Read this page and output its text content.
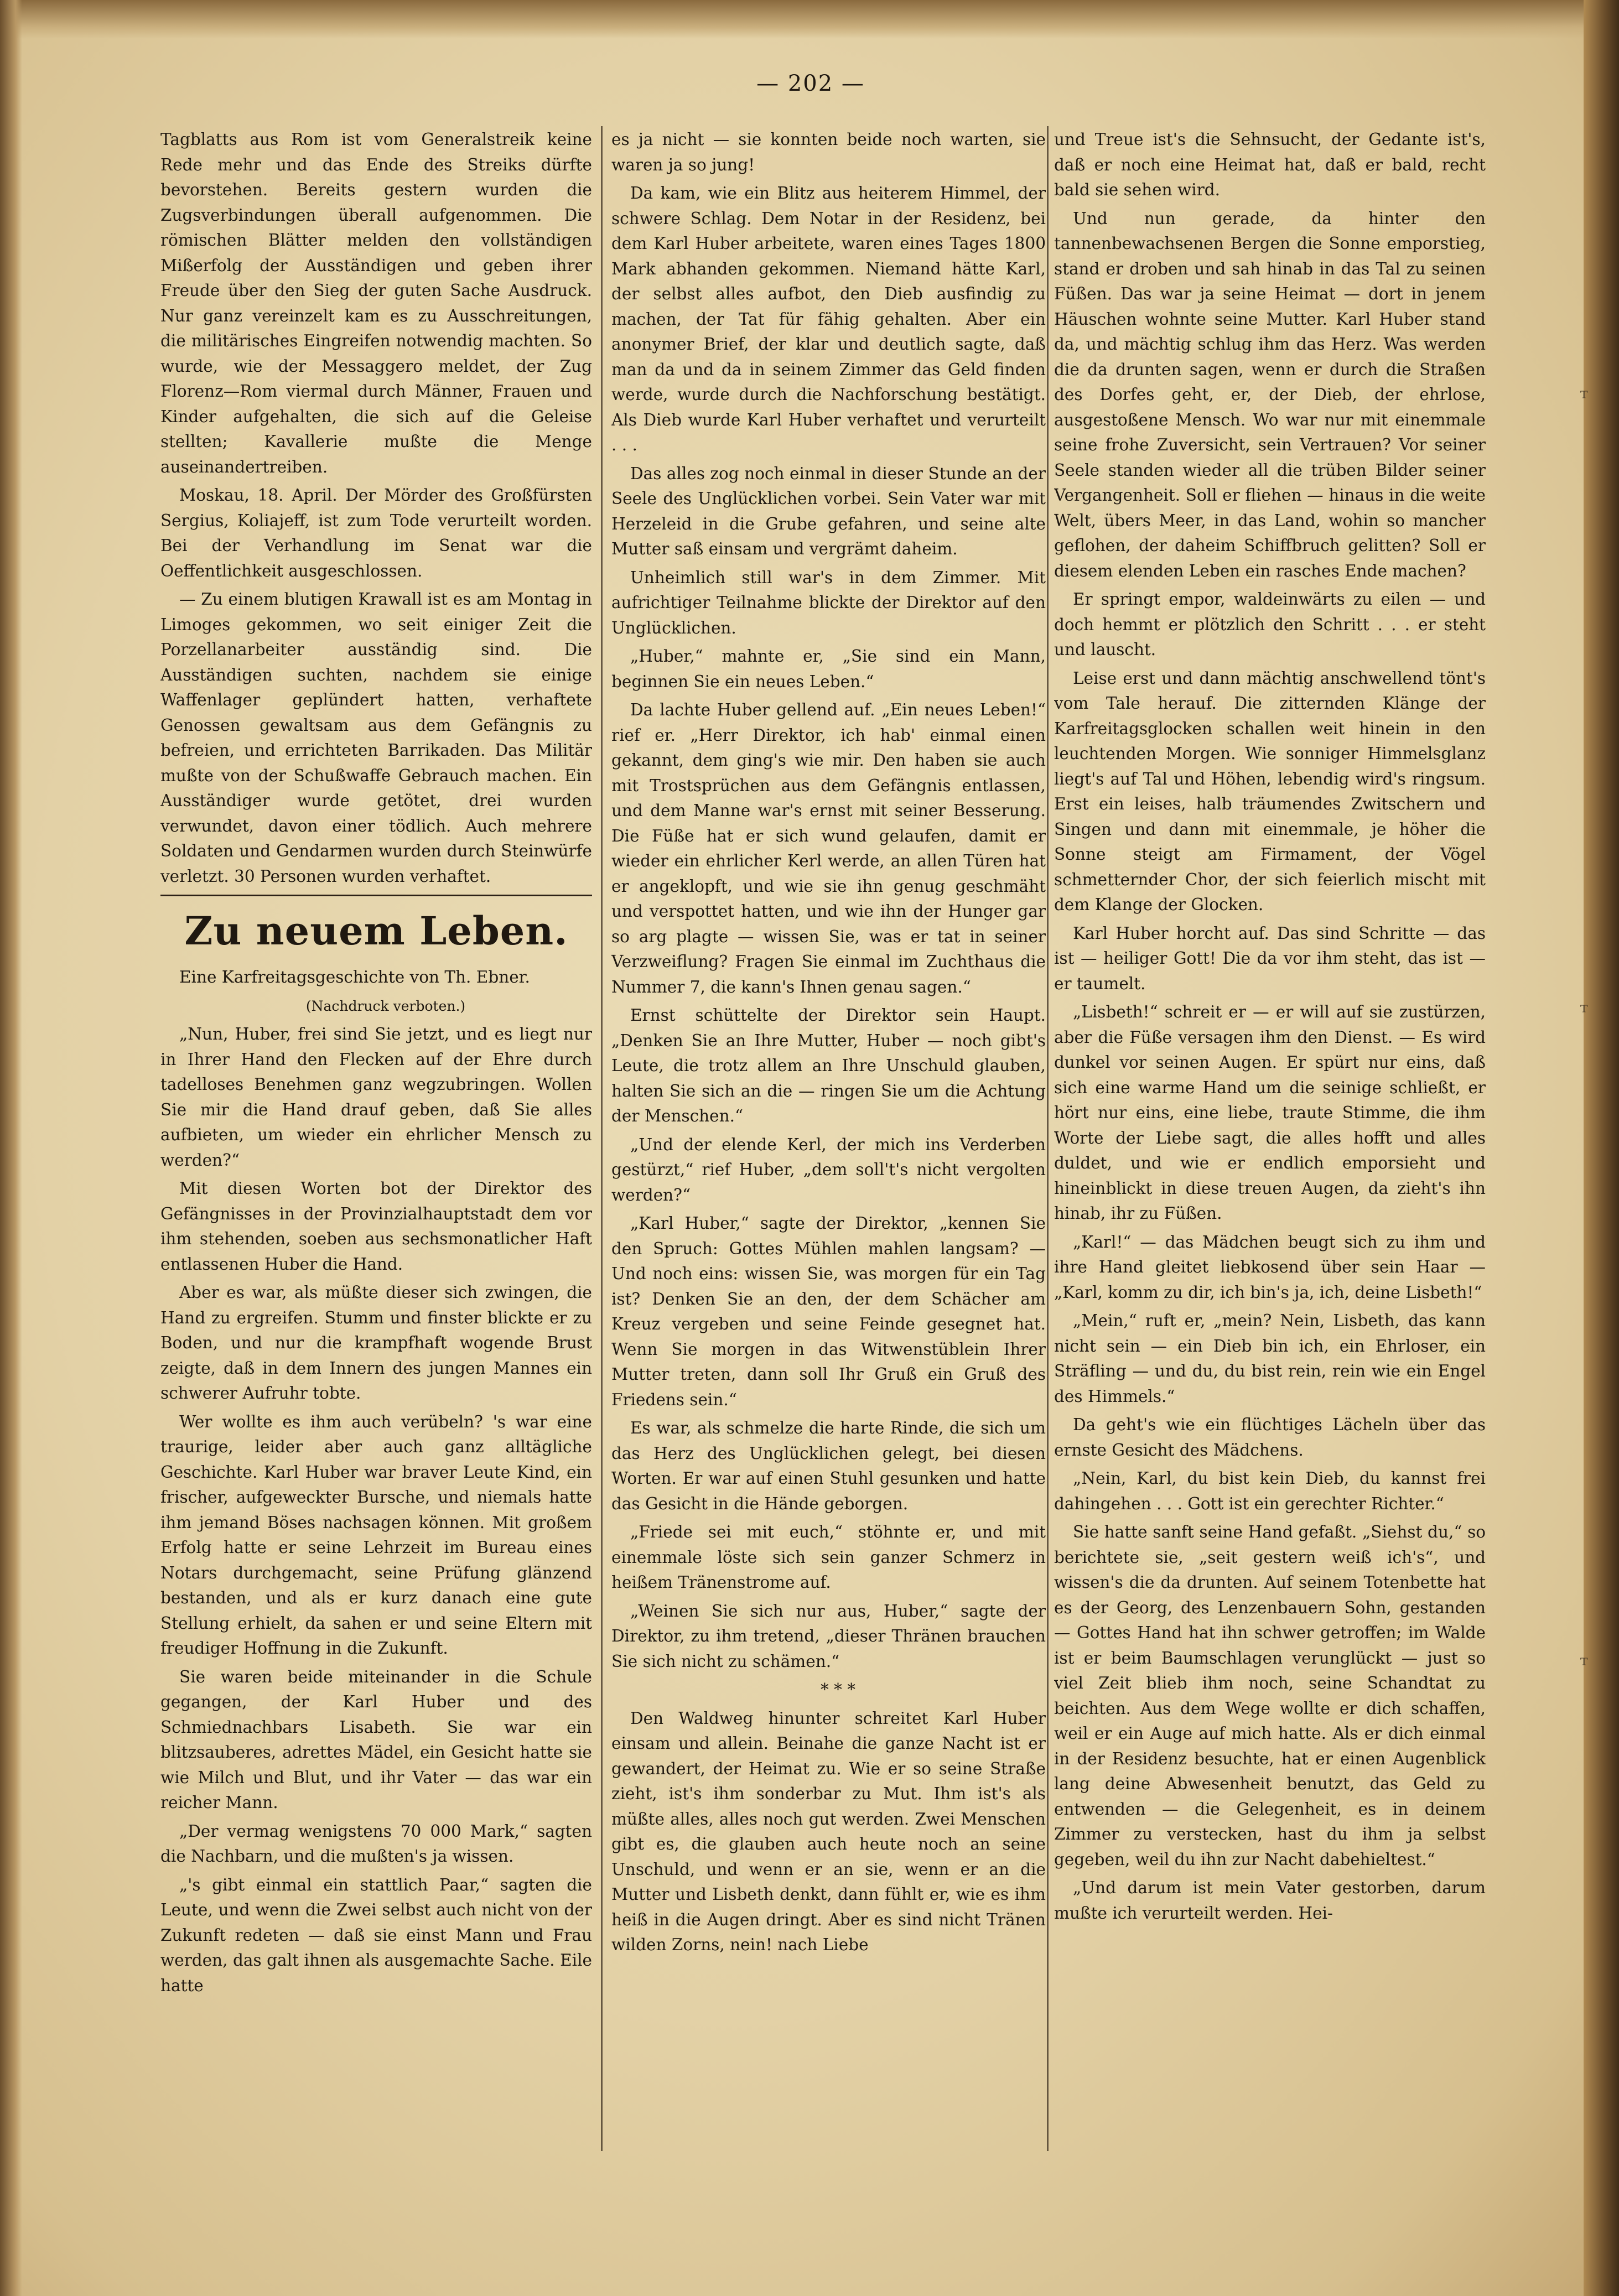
— 202 —

Tagblatts aus Rom ist vom Generalstreik keine Rede mehr und das Ende des Streiks dürfte bevorstehen. Bereits gestern wurden die Zugsverbindungen überall aufgenommen. Die römischen Blätter melden den vollständigen Mißerfolg der Ausständigen und geben ihrer Freude über den Sieg der guten Sache Ausdruck. Nur ganz vereinzelt kam es zu Ausschreitungen, die militärisches Eingreifen notwendig machten. So wurde, wie der Messaggero meldet, der Zug Florenz—Rom viermal durch Männer, Frauen und Kinder aufgehalten, die sich auf die Geleise stellten; Kavallerie mußte die Menge auseinandertreiben.

Moskau, 18. April. Der Mörder des Großfürsten Sergius, Koliajeff, ist zum Tode verurteilt worden. Bei der Verhandlung im Senat war die Oeffentlichkeit ausgeschlossen.

— Zu einem blutigen Krawall ist es am Montag in Limoges gekommen, wo seit einiger Zeit die Porzellanarbeiter ausständig sind. Die Ausständigen suchten, nachdem sie einige Waffenlager geplündert hatten, verhaftete Genossen gewaltsam aus dem Gefängnis zu befreien, und errichteten Barrikaden. Das Militär mußte von der Schußwaffe Gebrauch machen. Ein Ausständiger wurde getötet, drei wurden verwundet, davon einer tödlich. Auch mehrere Soldaten und Gendarmen wurden durch Steinwürfe verletzt. 30 Personen wurden verhaftet.

Zu neuem Leben.

Eine Karfreitagsgeschichte von Th. Ebner.

(Nachdruck verboten.)

„Nun, Huber, frei sind Sie jetzt, und es liegt nur in Ihrer Hand den Flecken auf der Ehre durch tadelloses Benehmen ganz wegzubringen. Wollen Sie mir die Hand drauf geben, daß Sie alles aufbieten, um wieder ein ehrlicher Mensch zu werden?“

Mit diesen Worten bot der Direktor des Gefängnisses in der Provinzialhauptstadt dem vor ihm stehenden, soeben aus sechsmonatlicher Haft entlassenen Huber die Hand.

Aber es war, als müßte dieser sich zwingen, die Hand zu ergreifen. Stumm und finster blickte er zu Boden, und nur die krampfhaft wogende Brust zeigte, daß in dem Innern des jungen Mannes ein schwerer Aufruhr tobte.

Wer wollte es ihm auch verübeln? 's war eine traurige, leider aber auch ganz alltägliche Geschichte. Karl Huber war braver Leute Kind, ein frischer, aufgeweckter Bursche, und niemals hatte ihm jemand Böses nachsagen können. Mit großem Erfolg hatte er seine Lehrzeit im Bureau eines Notars durchgemacht, seine Prüfung glänzend bestanden, und als er kurz danach eine gute Stellung erhielt, da sahen er und seine Eltern mit freudiger Hoffnung in die Zukunft.

Sie waren beide miteinander in die Schule gegangen, der Karl Huber und des Schmiednachbars Lisabeth. Sie war ein blitzsauberes, adrettes Mädel, ein Gesicht hatte sie wie Milch und Blut, und ihr Vater — das war ein reicher Mann.

„Der vermag wenigstens 70 000 Mark,“ sagten die Nachbarn, und die mußten's ja wissen.

„'s gibt einmal ein stattlich Paar,“ sagten die Leute, und wenn die Zwei selbst auch nicht von der Zukunft redeten — daß sie einst Mann und Frau werden, das galt ihnen als ausgemachte Sache. Eile hatte

es ja nicht — sie konnten beide noch warten, sie waren ja so jung!

Da kam, wie ein Blitz aus heiterem Himmel, der schwere Schlag. Dem Notar in der Residenz, bei dem Karl Huber arbeitete, waren eines Tages 1800 Mark abhanden gekommen. Niemand hätte Karl, der selbst alles aufbot, den Dieb ausfindig zu machen, der Tat für fähig gehalten. Aber ein anonymer Brief, der klar und deutlich sagte, daß man da und da in seinem Zimmer das Geld finden werde, wurde durch die Nachforschung bestätigt. Als Dieb wurde Karl Huber verhaftet und verurteilt . . .

Das alles zog noch einmal in dieser Stunde an der Seele des Unglücklichen vorbei. Sein Vater war mit Herzeleid in die Grube gefahren, und seine alte Mutter saß einsam und vergrämt daheim.

Unheimlich still war's in dem Zimmer. Mit aufrichtiger Teilnahme blickte der Direktor auf den Unglücklichen.

„Huber,“ mahnte er, „Sie sind ein Mann, beginnen Sie ein neues Leben.“

Da lachte Huber gellend auf. „Ein neues Leben!“ rief er. „Herr Direktor, ich hab' einmal einen gekannt, dem ging's wie mir. Den haben sie auch mit Trostsprüchen aus dem Gefängnis entlassen, und dem Manne war's ernst mit seiner Besserung. Die Füße hat er sich wund gelaufen, damit er wieder ein ehrlicher Kerl werde, an allen Türen hat er angeklopft, und wie sie ihn genug geschmäht und verspottet hatten, und wie ihn der Hunger gar so arg plagte — wissen Sie, was er tat in seiner Verzweiflung? Fragen Sie einmal im Zuchthaus die Nummer 7, die kann's Ihnen genau sagen.“

Ernst schüttelte der Direktor sein Haupt. „Denken Sie an Ihre Mutter, Huber — noch gibt's Leute, die trotz allem an Ihre Unschuld glauben, halten Sie sich an die — ringen Sie um die Achtung der Menschen.“

„Und der elende Kerl, der mich ins Verderben gestürzt,“ rief Huber, „dem soll't's nicht vergolten werden?“

„Karl Huber,“ sagte der Direktor, „kennen Sie den Spruch: Gottes Mühlen mahlen langsam? — Und noch eins: wissen Sie, was morgen für ein Tag ist? Denken Sie an den, der dem Schächer am Kreuz vergeben und seine Feinde gesegnet hat. Wenn Sie morgen in das Witwenstüblein Ihrer Mutter treten, dann soll Ihr Gruß ein Gruß des Friedens sein.“

Es war, als schmelze die harte Rinde, die sich um das Herz des Unglücklichen gelegt, bei diesen Worten. Er war auf einen Stuhl gesunken und hatte das Gesicht in die Hände geborgen.

„Friede sei mit euch,“ stöhnte er, und mit einemmale löste sich sein ganzer Schmerz in heißem Tränenstrome auf.

„Weinen Sie sich nur aus, Huber,“ sagte der Direktor, zu ihm tretend, „dieser Thränen brauchen Sie sich nicht zu schämen.“

* * *

Den Waldweg hinunter schreitet Karl Huber einsam und allein. Beinahe die ganze Nacht ist er gewandert, der Heimat zu. Wie er so seine Straße zieht, ist's ihm sonderbar zu Mut. Ihm ist's als müßte alles, alles noch gut werden. Zwei Menschen gibt es, die glauben auch heute noch an seine Unschuld, und wenn er an sie, wenn er an die Mutter und Lisbeth denkt, dann fühlt er, wie es ihm heiß in die Augen dringt. Aber es sind nicht Tränen wilden Zorns, nein! nach Liebe

und Treue ist's die Sehnsucht, der Gedante ist's, daß er noch eine Heimat hat, daß er bald, recht bald sie sehen wird.

Und nun gerade, da hinter den tannenbewachsenen Bergen die Sonne emporstieg, stand er droben und sah hinab in das Tal zu seinen Füßen. Das war ja seine Heimat — dort in jenem Häuschen wohnte seine Mutter. Karl Huber stand da, und mächtig schlug ihm das Herz. Was werden die da drunten sagen, wenn er durch die Straßen des Dorfes geht, er, der Dieb, der ehrlose, ausgestoßene Mensch. Wo war nur mit einemmale seine frohe Zuversicht, sein Vertrauen? Vor seiner Seele standen wieder all die trüben Bilder seiner Vergangenheit. Soll er fliehen — hinaus in die weite Welt, übers Meer, in das Land, wohin so mancher geflohen, der daheim Schiffbruch gelitten? Soll er diesem elenden Leben ein rasches Ende machen?

Er springt empor, waldeinwärts zu eilen — und doch hemmt er plötzlich den Schritt . . . er steht und lauscht.

Leise erst und dann mächtig anschwellend tönt's vom Tale herauf. Die zitternden Klänge der Karfreitagsglocken schallen weit hinein in den leuchtenden Morgen. Wie sonniger Himmelsglanz liegt's auf Tal und Höhen, lebendig wird's ringsum. Erst ein leises, halb träumendes Zwitschern und Singen und dann mit einemmale, je höher die Sonne steigt am Firmament, der Vögel schmetternder Chor, der sich feierlich mischt mit dem Klange der Glocken.

Karl Huber horcht auf. Das sind Schritte — das ist — heiliger Gott! Die da vor ihm steht, das ist — er taumelt.

„Lisbeth!“ schreit er — er will auf sie zustürzen, aber die Füße versagen ihm den Dienst. — Es wird dunkel vor seinen Augen. Er spürt nur eins, daß sich eine warme Hand um die seinige schließt, er hört nur eins, eine liebe, traute Stimme, die ihm Worte der Liebe sagt, die alles hofft und alles duldet, und wie er endlich emporsieht und hineinblickt in diese treuen Augen, da zieht's ihn hinab, ihr zu Füßen.

„Karl!“ — das Mädchen beugt sich zu ihm und ihre Hand gleitet liebkosend über sein Haar — „Karl, komm zu dir, ich bin's ja, ich, deine Lisbeth!“

„Mein,“ ruft er, „mein? Nein, Lisbeth, das kann nicht sein — ein Dieb bin ich, ein Ehrloser, ein Sträfling — und du, du bist rein, rein wie ein Engel des Himmels.“

Da geht's wie ein flüchtiges Lächeln über das ernste Gesicht des Mädchens.

„Nein, Karl, du bist kein Dieb, du kannst frei dahingehen . . . Gott ist ein gerechter Richter.“

Sie hatte sanft seine Hand gefaßt. „Siehst du,“ so berichtete sie, „seit gestern weiß ich's“, und wissen's die da drunten. Auf seinem Totenbette hat es der Georg, des Lenzenbauern Sohn, gestanden — Gottes Hand hat ihn schwer getroffen; im Walde ist er beim Baumschlagen verunglückt — just so viel Zeit blieb ihm noch, seine Schandtat zu beichten. Aus dem Wege wollte er dich schaffen, weil er ein Auge auf mich hatte. Als er dich einmal in der Residenz besuchte, hat er einen Augenblick lang deine Abwesenheit benutzt, das Geld zu entwenden — die Gelegenheit, es in deinem Zimmer zu verstecken, hast du ihm ja selbst gegeben, weil du ihn zur Nacht dabehieltest.“

„Und darum ist mein Vater gestorben, darum mußte ich verurteilt werden. Hei-

ᵀ
ᵀ
ᵀ
